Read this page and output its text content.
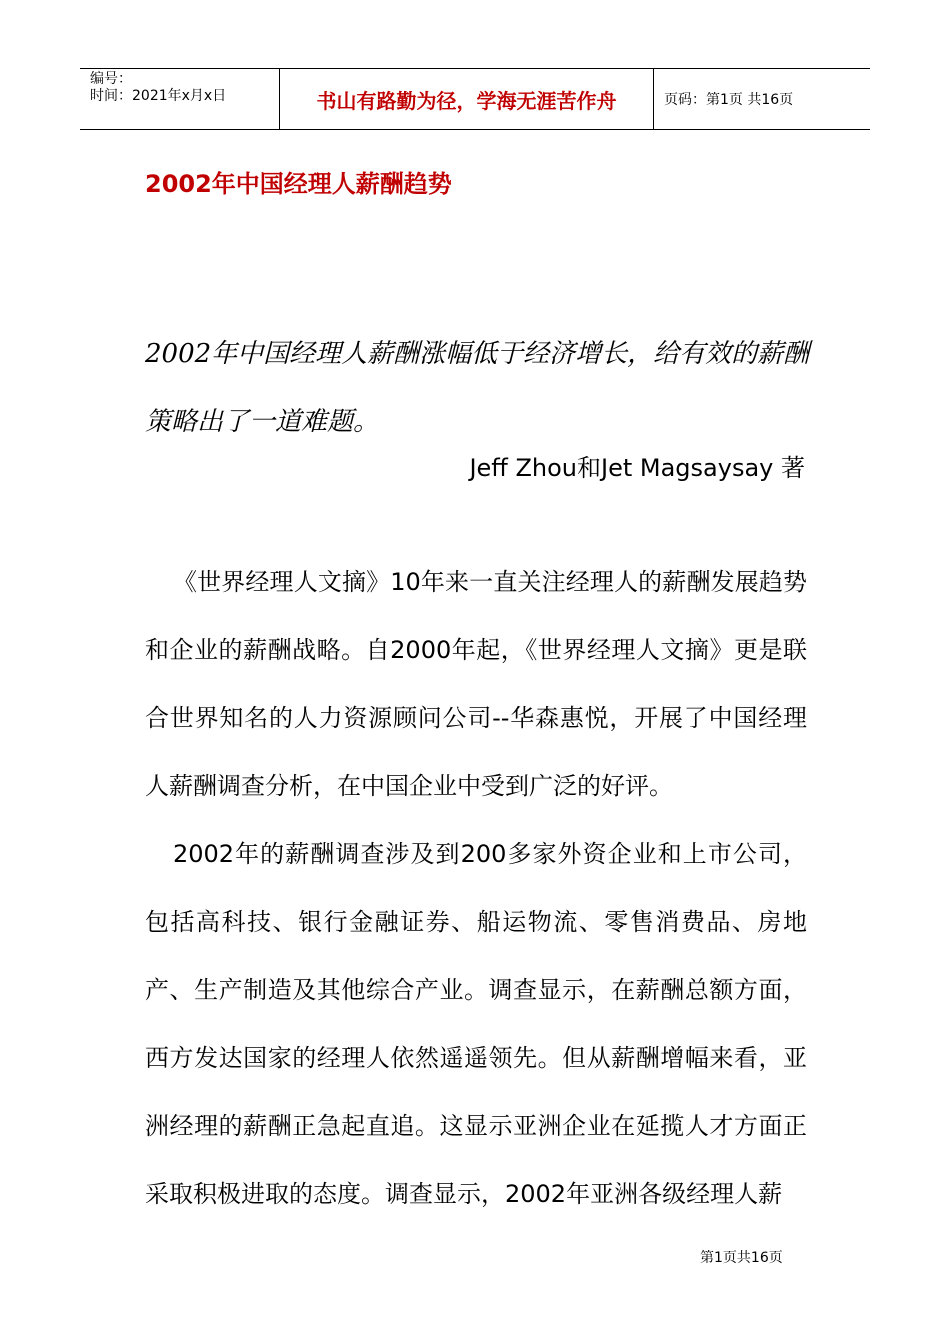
编号：
时间：2021年x月x日	书山有路勤为径，学海无涯苦作舟	页码：第1页 共16页
2002年中国经理人薪酬趋势

2002年中国经理人薪酬涨幅低于经济增长，给有效的薪酬策略出了一道难题。

Jeff Zhou和Jet Magsaysay 著

《世界经理人文摘》10年来一直关注经理人的薪酬发展趋势和企业的薪酬战略。自2000年起，《世界经理人文摘》更是联合世界知名的人力资源顾问公司--华森惠悦，开展了中国经理人薪酬调查分析，在中国企业中受到广泛的好评。

2002年的薪酬调查涉及到200多家外资企业和上市公司，包括高科技、银行金融证券、船运物流、零售消费品、房地产、生产制造及其他综合产业。调查显示，在薪酬总额方面，西方发达国家的经理人依然遥遥领先。但从薪酬增幅来看，亚洲经理的薪酬正急起直追。这显示亚洲企业在延揽人才方面正采取积极进取的态度。调查显示，2002年亚洲各级经理人薪

第1页共16页
